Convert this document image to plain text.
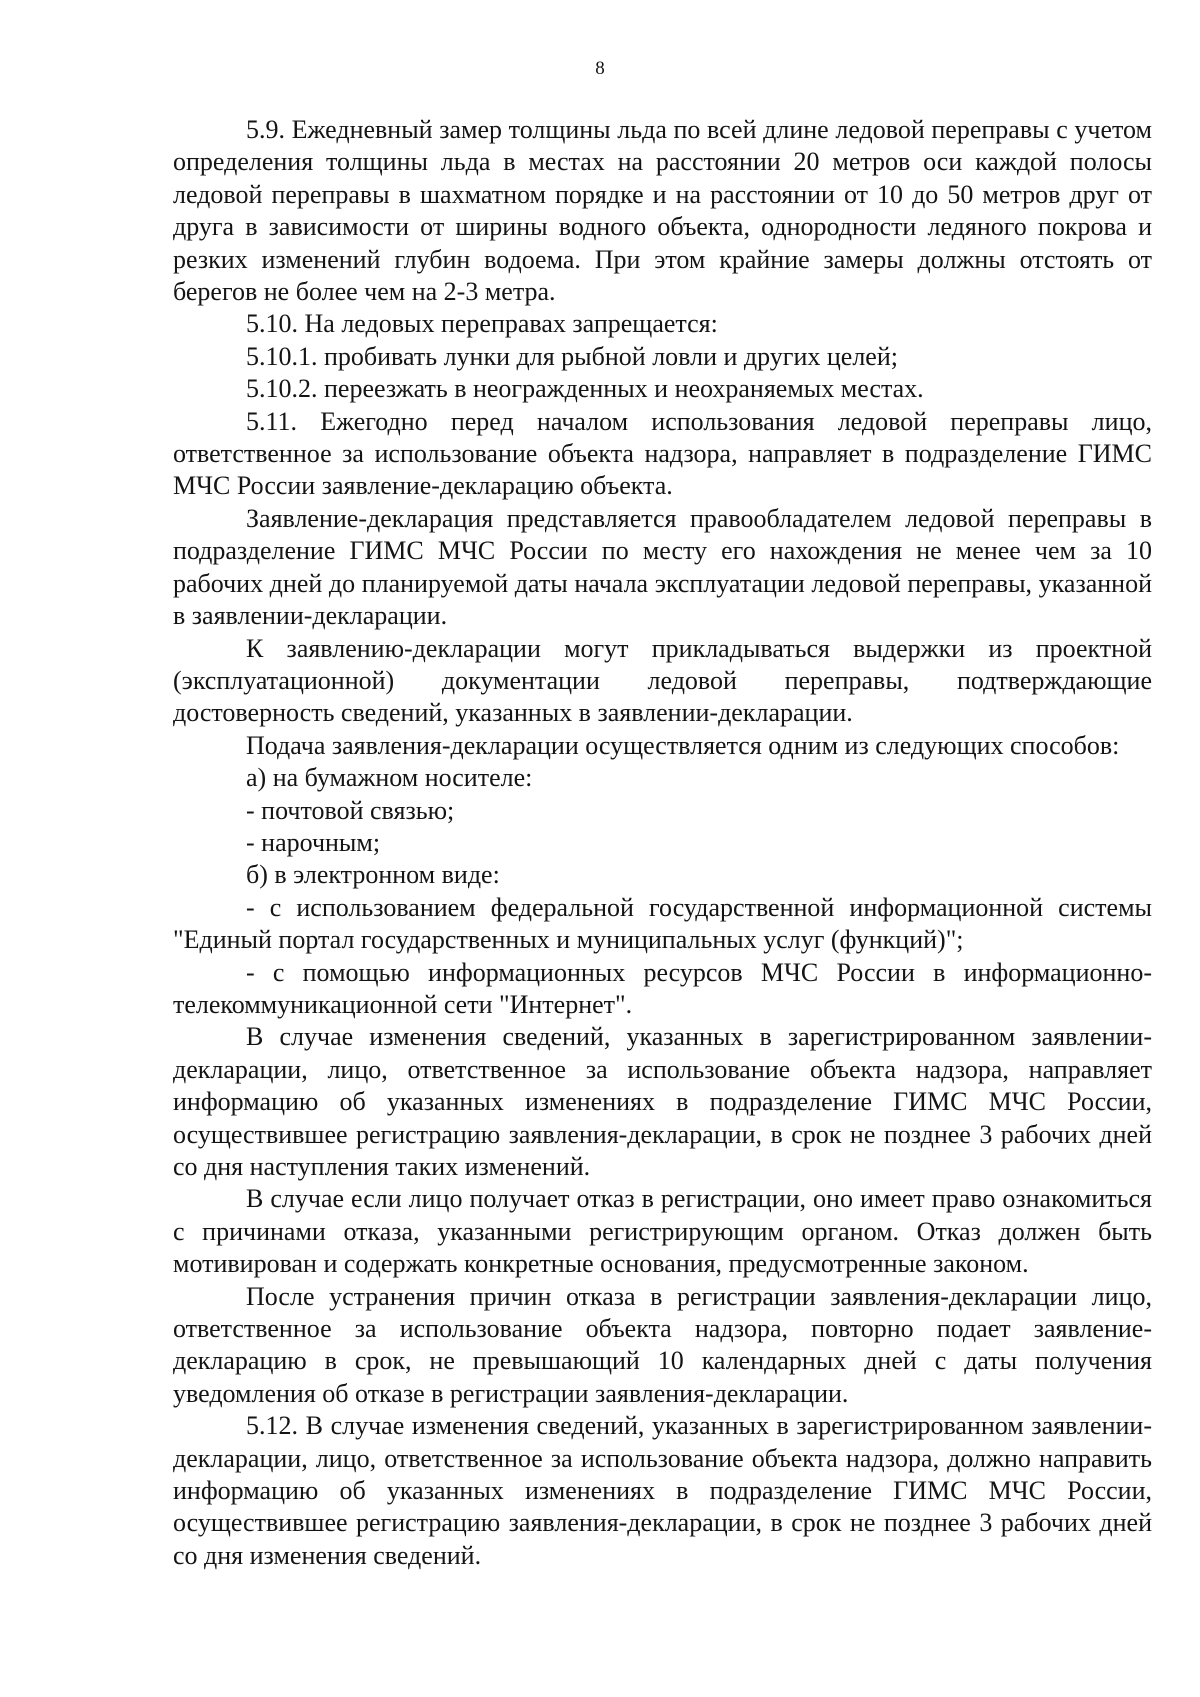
8

5.9. Ежедневный замер толщины льда по всей длине ледовой переправы с учетом определения толщины льда в местах на расстоянии 20 метров оси каждой полосы ледовой переправы в шахматном порядке и на расстоянии от 10 до 50 метров друг от друга в зависимости от ширины водного объекта, однородности ледяного покрова и резких изменений глубин водоема. При этом крайние замеры должны отстоять от берегов не более чем на 2-3 метра.

5.10. На ледовых переправах запрещается:

5.10.1. пробивать лунки для рыбной ловли и других целей;

5.10.2. переезжать в неогражденных и неохраняемых местах.

5.11. Ежегодно перед началом использования ледовой переправы лицо, ответственное за использование объекта надзора, направляет в подразделение ГИМС МЧС России заявление-декларацию объекта.

Заявление-декларация представляется правообладателем ледовой переправы в подразделение ГИМС МЧС России по месту его нахождения не менее чем за 10 рабочих дней до планируемой даты начала эксплуатации ледовой переправы, указанной в заявлении-декларации.

К заявлению-декларации могут прикладываться выдержки из проектной (эксплуатационной) документации ледовой переправы, подтверждающие достоверность сведений, указанных в заявлении-декларации.

Подача заявления-декларации осуществляется одним из следующих способов:

а) на бумажном носителе:

- почтовой связью;

- нарочным;

б) в электронном виде:

- с использованием федеральной государственной информационной системы "Единый портал государственных и муниципальных услуг (функций)";

- с помощью информационных ресурсов МЧС России в информационно-телекоммуникационной сети "Интернет".

В случае изменения сведений, указанных в зарегистрированном заявлении-декларации, лицо, ответственное за использование объекта надзора, направляет информацию об указанных изменениях в подразделение ГИМС МЧС России, осуществившее регистрацию заявления-декларации, в срок не позднее 3 рабочих дней со дня наступления таких изменений.

В случае если лицо получает отказ в регистрации, оно имеет право ознакомиться с причинами отказа, указанными регистрирующим органом. Отказ должен быть мотивирован и содержать конкретные основания, предусмотренные законом.

После устранения причин отказа в регистрации заявления-декларации лицо, ответственное за использование объекта надзора, повторно подает заявление-декларацию в срок, не превышающий 10 календарных дней с даты получения уведомления об отказе в регистрации заявления-декларации.

5.12. В случае изменения сведений, указанных в зарегистрированном заявлении-декларации, лицо, ответственное за использование объекта надзора, должно направить информацию об указанных изменениях в подразделение ГИМС МЧС России, осуществившее регистрацию заявления-декларации, в срок не позднее 3 рабочих дней со дня изменения сведений.
